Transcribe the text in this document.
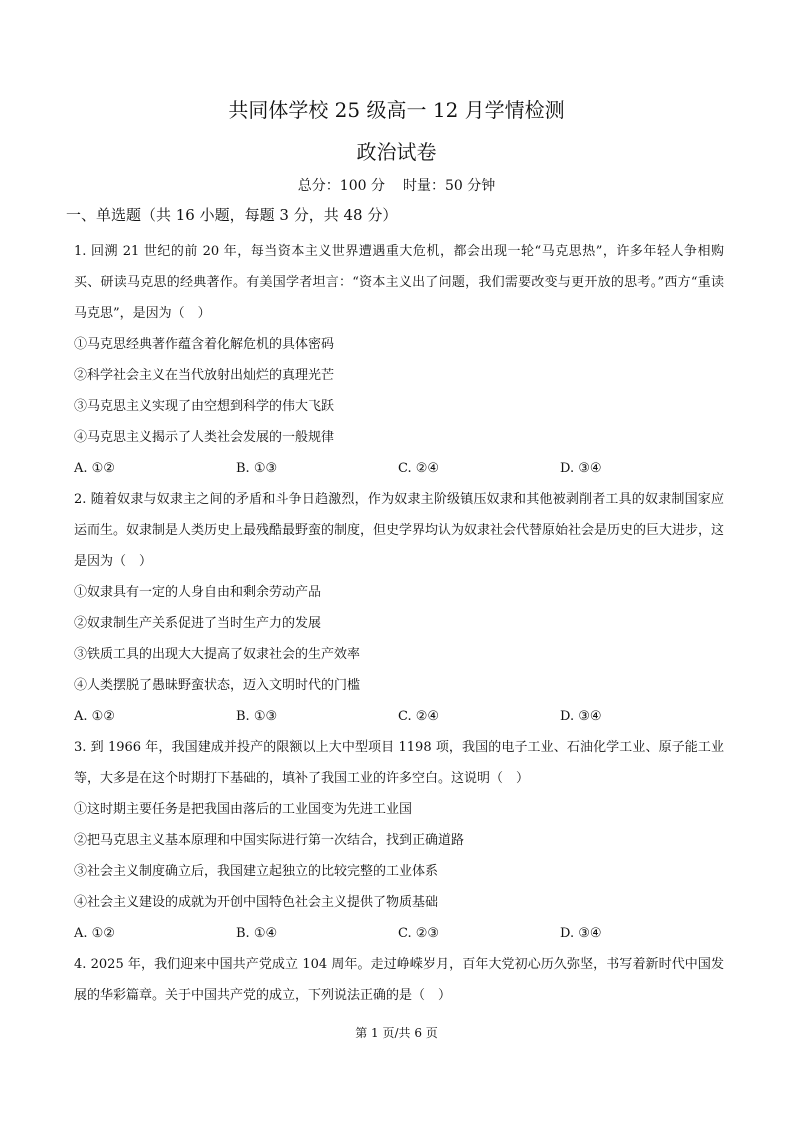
共同体学校 25 级高一 12 月学情检测
政治试卷
总分：100 分 时量：50 分钟
一、单选题（共 16 小题，每题 3 分，共 48 分）

1. 回溯 21 世纪的前 20 年，每当资本主义世界遭遇重大危机，都会出现一轮“马克思热”，许多年轻人争相购买、研读马克思的经典著作。有美国学者坦言：“资本主义出了问题，我们需要改变与更开放的思考。”西方“重读马克思”，是因为（　）

①马克思经典著作蕴含着化解危机的具体密码

②科学社会主义在当代放射出灿烂的真理光芒

③马克思主义实现了由空想到科学的伟大飞跃

④马克思主义揭示了人类社会发展的一般规律

A. ①②	B. ①③	C. ②④	D. ③④

2. 随着奴隶与奴隶主之间的矛盾和斗争日趋激烈，作为奴隶主阶级镇压奴隶和其他被剥削者工具的奴隶制国家应运而生。奴隶制是人类历史上最残酷最野蛮的制度，但史学界均认为奴隶社会代替原始社会是历史的巨大进步，这是因为（　）

①奴隶具有一定的人身自由和剩余劳动产品

②奴隶制生产关系促进了当时生产力的发展

③铁质工具的出现大大提高了奴隶社会的生产效率

④人类摆脱了愚昧野蛮状态，迈入文明时代的门槛

A. ①②	B. ①③	C. ②④	D. ③④

3. 到 1966 年，我国建成并投产的限额以上大中型项目 1198 项，我国的电子工业、石油化学工业、原子能工业等，大多是在这个时期打下基础的，填补了我国工业的许多空白。这说明（　）

①这时期主要任务是把我国由落后的工业国变为先进工业国

②把马克思主义基本原理和中国实际进行第一次结合，找到正确道路

③社会主义制度确立后，我国建立起独立的比较完整的工业体系

④社会主义建设的成就为开创中国特色社会主义提供了物质基础

A. ①②	B. ①④	C. ②③	D. ③④

4. 2025 年，我们迎来中国共产党成立 104 周年。走过峥嵘岁月，百年大党初心历久弥坚，书写着新时代中国发展的华彩篇章。关于中国共产党的成立，下列说法正确的是（　）

第 1 页/共 6 页
